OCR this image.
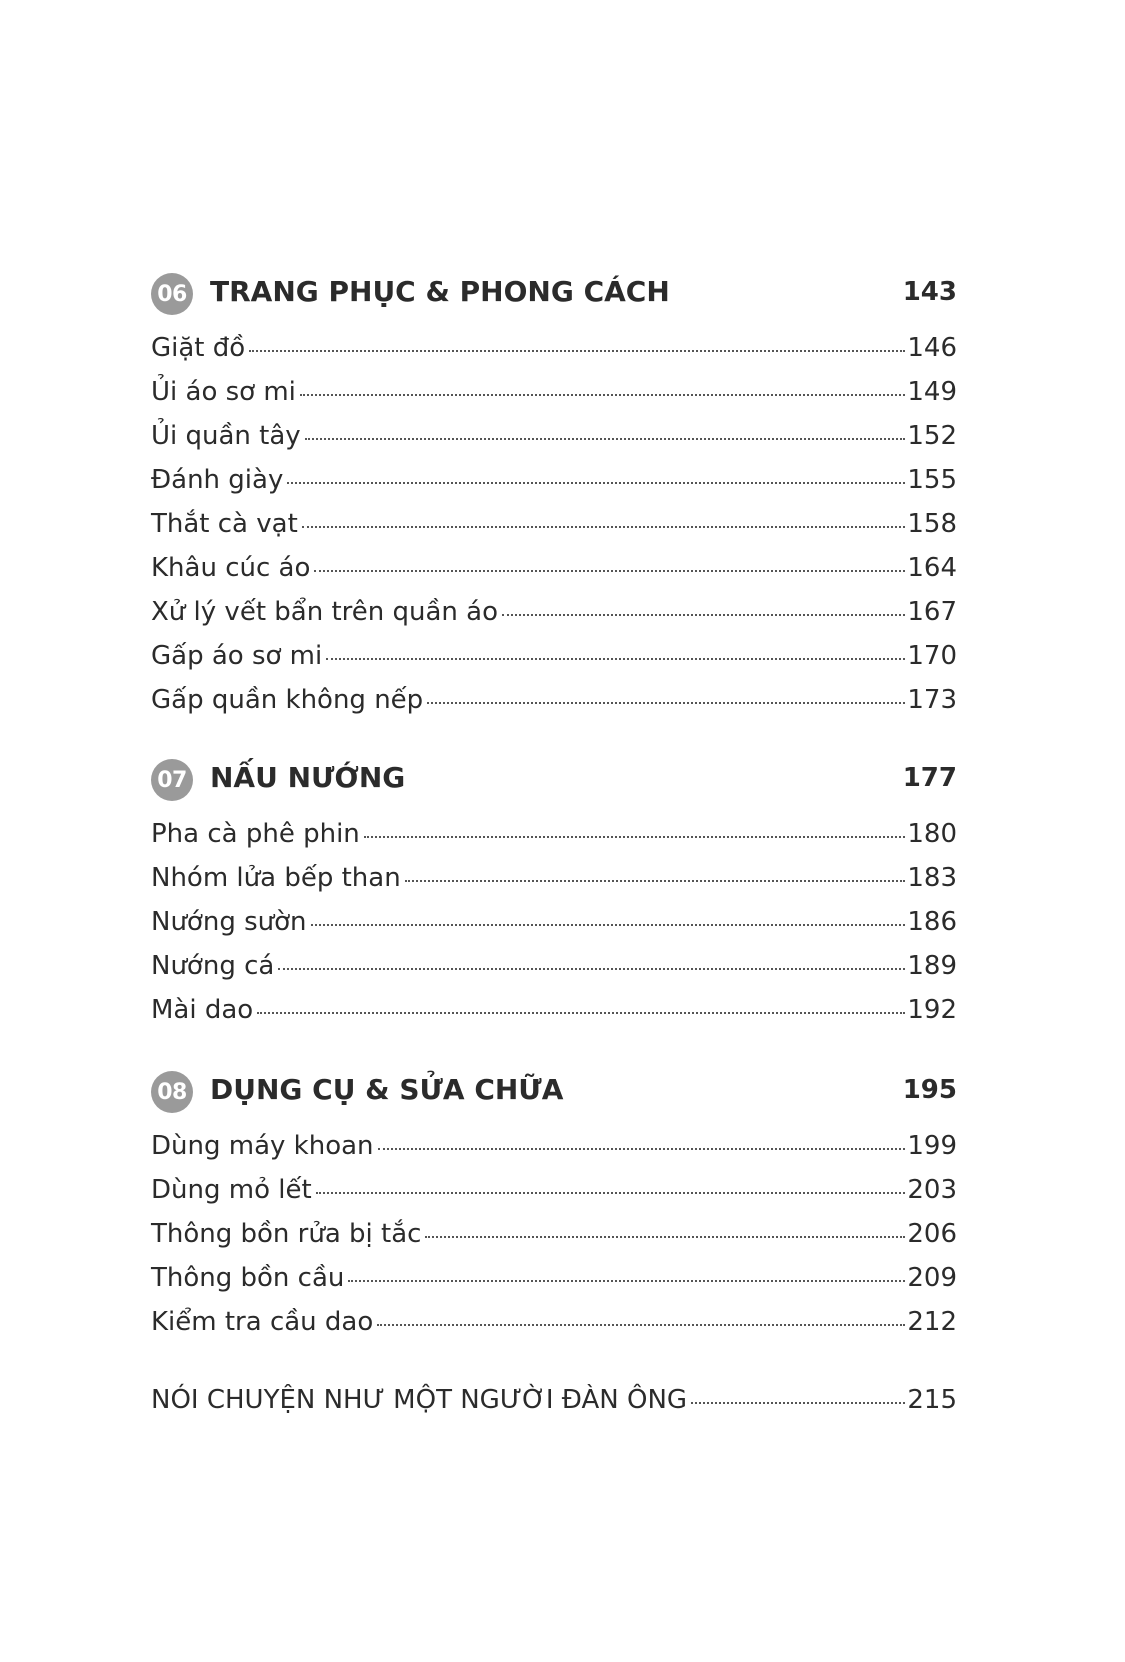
06 TRANG PHỤC & PHONG CÁCH	143
Giặt đồ	146
Ủi áo sơ mi	149
Ủi quần tây	152
Đánh giày	155
Thắt cà vạt	158
Khâu cúc áo	164
Xử lý vết bẩn trên quần áo	167
Gấp áo sơ mi	170
Gấp quần không nếp	173
07 NẤU NƯỚNG	177
Pha cà phê phin	180
Nhóm lửa bếp than	183
Nướng sườn	186
Nướng cá	189
Mài dao	192
08 DỤNG CỤ & SỬA CHỮA	195
Dùng máy khoan	199
Dùng mỏ lết	203
Thông bồn rửa bị tắc	206
Thông bồn cầu	209
Kiểm tra cầu dao	212
NÓI CHUYỆN NHƯ MỘT NGƯỜI ĐÀN ÔNG	215
